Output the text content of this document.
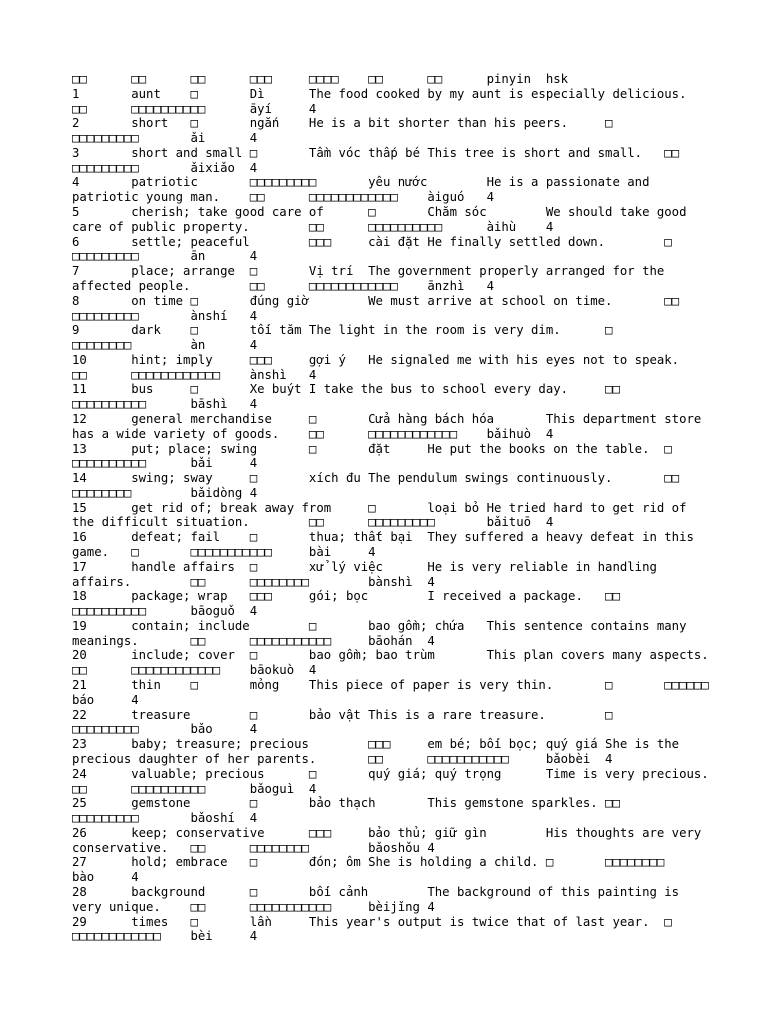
□□		□□		□□		□□□		□□□□	□□		□□		pinyin	hsk
1		aunt	□		Dì		The food cooked by my aunt is especially delicious.	□□		□□□□□□□□□□		āyí		4
2		short	□		ngắn	He is a bit shorter than his peers.		□	□□□□□□□□□		ǎi		4
3		short and small	□		Tầm vóc thấp bé	This tree is short and small.	□□	□□□□□□□□□		ǎixiǎo	4
4		patriotic		□□□□□□□□□		yêu nước		He is a passionate and patriotic young man.	□□		□□□□□□□□□□□□	àiguó	4
5		cherish; take good care of		□		Chăm sóc		We should take good care of public property.		□□		□□□□□□□□□□		àihù	4
6		settle; peaceful		□□□		cài đặt	He finally settled down.		□	□□□□□□□□□		ān		4
7		place; arrange	□		Vị trí	The government properly arranged for the affected people.		□□		□□□□□□□□□□□□	ānzhì	4
8		on time	□		đúng giờ		We must arrive at school on time.		□□	□□□□□□□□□		ànshí	4
9		dark	□		tối tăm	The light in the room is very dim.		□	□□□□□□□□		àn		4
10		hint; imply		□□□		gợi ý	He signaled me with his eyes not to speak.	□□		□□□□□□□□□□□□	ànshì	4
11		bus		□		Xe buýt	I take the bus to school every day.		□□	□□□□□□□□□□		bāshì	4
12		general merchandise		□		Cửa hàng bách hóa		This department store has a wide variety of goods.	□□		□□□□□□□□□□□□	bǎihuò	4
13		put; place; swing		□		đặt		He put the books on the table.	□	□□□□□□□□□□		bǎi		4
14		swing; sway		□		xích đu	The pendulum swings continuously.		□□	□□□□□□□□		bǎidòng	4
15		get rid of; break away from		□		loại bỏ	He tried hard to get rid of the difficult situation.		□□		□□□□□□□□□		bǎituō	4
16		defeat; fail	□		thua; thất bại	They suffered a heavy defeat in this game.	□		□□□□□□□□□□□		bài		4
17		handle affairs	□		xử lý việc		He is very reliable in handling affairs.		□□		□□□□□□□□		bànshì	4
18		package; wrap	□□□		gói; bọc		I received a package.	□□	□□□□□□□□□□		bāoguǒ	4
19		contain; include		□		bao gồm; chứa	This sentence contains many meanings.		□□		□□□□□□□□□□□		bāohán	4
20		include; cover	□		bao gồm; bao trùm		This plan covers many aspects.	□□		□□□□□□□□□□□□	bāokuò	4
21		thin	□		mỏng	This piece of paper is very thin.		□		□□□□□□	báo		4
22		treasure		□		bảo vật	This is a rare treasure.		□	□□□□□□□□□		bǎo		4
23		baby; treasure; precious		□□□		em bé; bối bọc; quý giá	She is the precious daughter of her parents.		□□		□□□□□□□□□□□		bǎobèi	4
24		valuable; precious		□		quý giá; quý trọng		Time is very precious.	□□		□□□□□□□□□□		bǎoguì	4
25		gemstone		□		bảo thạch		This gemstone sparkles.	□□	□□□□□□□□□		bǎoshí	4
26		keep; conservative		□□□		bảo thủ; giữ gìn		His thoughts are very conservative.	□□		□□□□□□□□		bǎoshǒu	4
27		hold; embrace	□		đón; ôm	She is holding a child.	□		□□□□□□□□	bào		4
28		background		□		bối cảnh		The background of this painting is very unique.	□□		□□□□□□□□□□□		bèijǐng	4
29		times	□		lần		This year's output is twice that of last year.	□	□□□□□□□□□□□□	bèi		4
